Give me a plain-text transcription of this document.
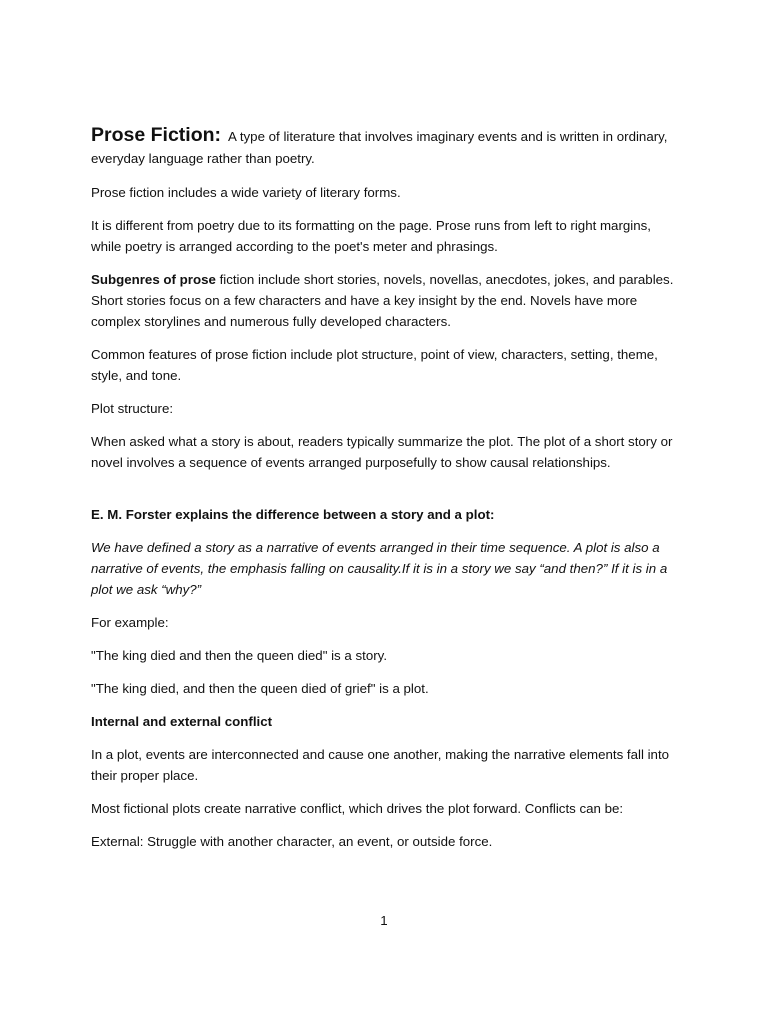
Prose Fiction: A type of literature that involves imaginary events and is written in ordinary, everyday language rather than poetry.

Prose fiction includes a wide variety of literary forms.

It is different from poetry due to its formatting on the page. Prose runs from left to right margins, while poetry is arranged according to the poet's meter and phrasings.

Subgenres of prose fiction include short stories, novels, novellas, anecdotes, jokes, and parables. Short stories focus on a few characters and have a key insight by the end. Novels have more complex storylines and numerous fully developed characters.

Common features of prose fiction include plot structure, point of view, characters, setting, theme, style, and tone.

Plot structure:

When asked what a story is about, readers typically summarize the plot. The plot of a short story or novel involves a sequence of events arranged purposefully to show causal relationships.

E. M. Forster explains the difference between a story and a plot:

We have defined a story as a narrative of events arranged in their time sequence. A plot is also a narrative of events, the emphasis falling on causality.If it is in a story we say “and then?” If it is in a plot we ask “why?”

For example:

"The king died and then the queen died" is a story.

"The king died, and then the queen died of grief" is a plot.

Internal and external conflict

In a plot, events are interconnected and cause one another, making the narrative elements fall into their proper place.

Most fictional plots create narrative conflict, which drives the plot forward. Conflicts can be:

External: Struggle with another character, an event, or outside force.

1
